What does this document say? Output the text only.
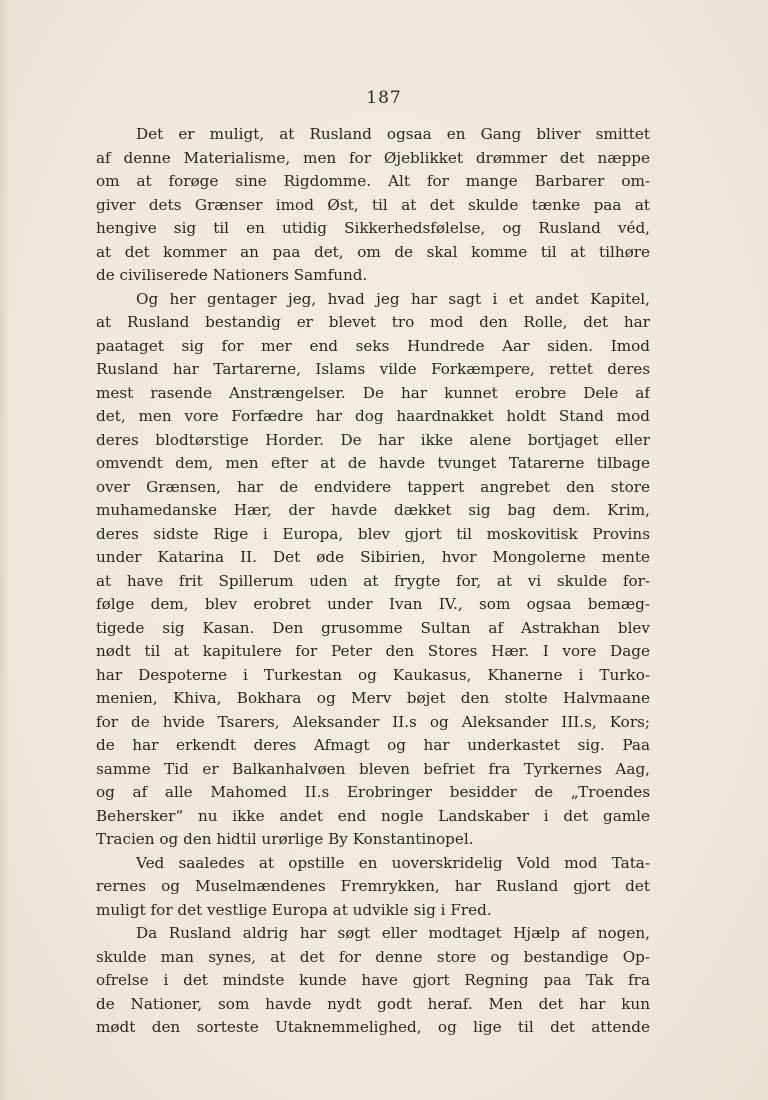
187
Det er muligt, at Rusland ogsaa en Gang bliver smittet
af denne Materialisme, men for Øjeblikket drømmer det næppe
om at forøge sine Rigdomme. Alt for mange Barbarer om-
giver dets Grænser imod Øst, til at det skulde tænke paa at
hengive sig til en utidig Sikkerhedsfølelse, og Rusland véd,
at det kommer an paa det, om de skal komme til at tilhøre
de civiliserede Nationers Samfund.
Og her gentager jeg, hvad jeg har sagt i et andet Kapitel,
at Rusland bestandig er blevet tro mod den Rolle, det har
paataget sig for mer end seks Hundrede Aar siden. Imod
Rusland har Tartarerne, Islams vilde Forkæmpere, rettet deres
mest rasende Anstrængelser. De har kunnet erobre Dele af
det, men vore Forfædre har dog haardnakket holdt Stand mod
deres blodtørstige Horder. De har ikke alene bortjaget eller
omvendt dem, men efter at de havde tvunget Tatarerne tilbage
over Grænsen, har de endvidere tappert angrebet den store
muhamedanske Hær, der havde dækket sig bag dem. Krim,
deres sidste Rige i Europa, blev gjort til moskovitisk Provins
under Katarina II. Det øde Sibirien, hvor Mongolerne mente
at have frit Spillerum uden at frygte for, at vi skulde for-
følge dem, blev erobret under Ivan IV., som ogsaa bemæg-
tigede sig Kasan. Den grusomme Sultan af Astrakhan blev
nødt til at kapitulere for Peter den Stores Hær. I vore Dage
har Despoterne i Turkestan og Kaukasus, Khanerne i Turko-
menien, Khiva, Bokhara og Merv bøjet den stolte Halvmaane
for de hvide Tsarers, Aleksander II.s og Aleksander III.s, Kors;
de har erkendt deres Afmagt og har underkastet sig. Paa
samme Tid er Balkanhalvøen bleven befriet fra Tyrkernes Aag,
og af alle Mahomed II.s Erobringer besidder de „Troendes
Behersker“ nu ikke andet end nogle Landskaber i det gamle
Tracien og den hidtil urørlige By Konstantinopel.
Ved saaledes at opstille en uoverskridelig Vold mod Tata-
rernes og Muselmændenes Fremrykken, har Rusland gjort det
muligt for det vestlige Europa at udvikle sig i Fred.
Da Rusland aldrig har søgt eller modtaget Hjælp af nogen,
skulde man synes, at det for denne store og bestandige Op-
ofrelse i det mindste kunde have gjort Regning paa Tak fra
de Nationer, som havde nydt godt heraf. Men det har kun
mødt den sorteste Utaknemmelighed, og lige til det attende
